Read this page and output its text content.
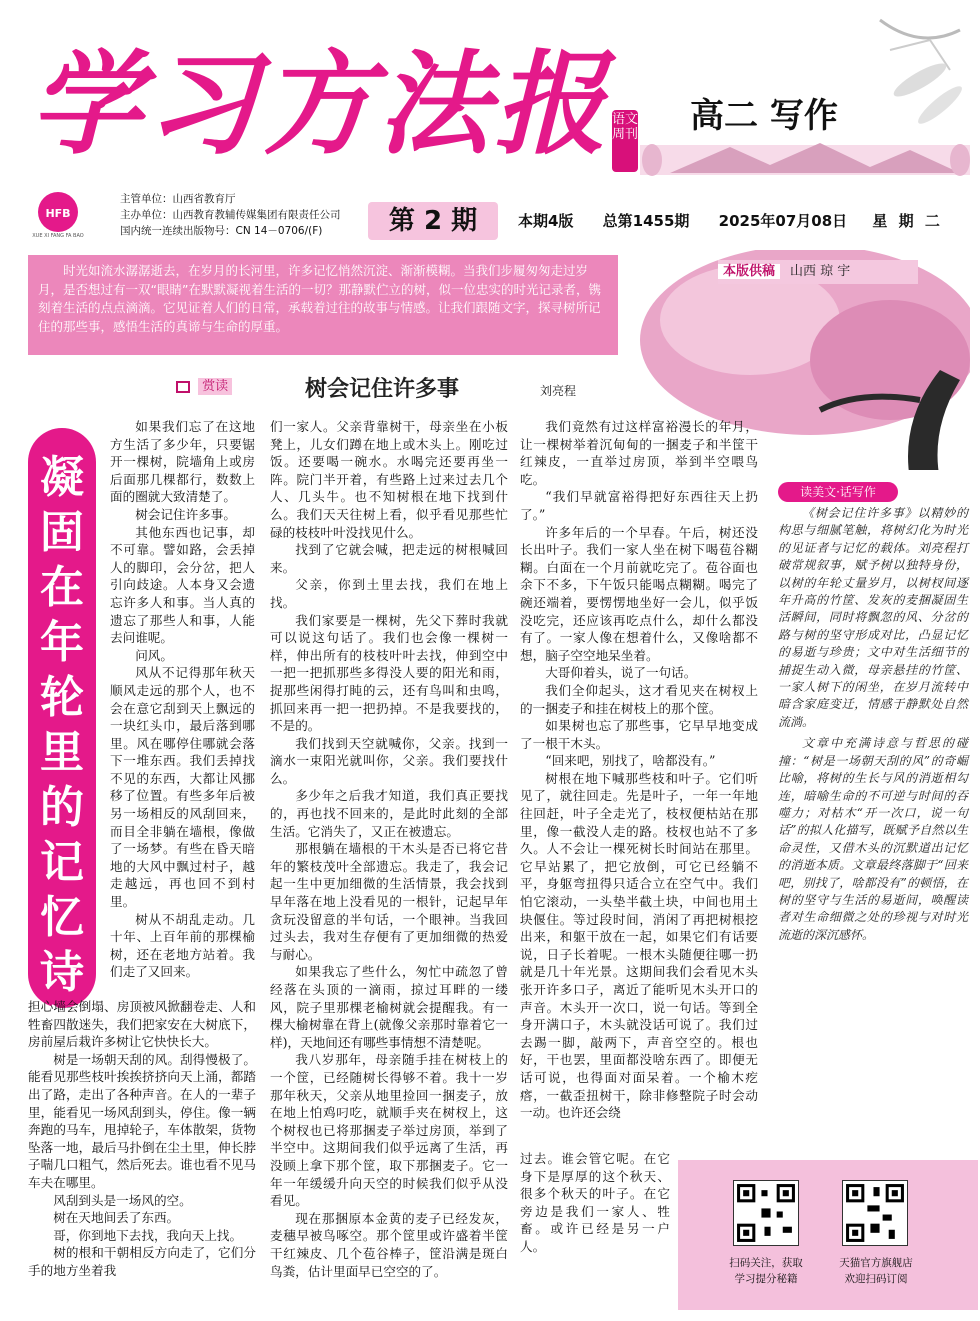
学习方法报 语文周刊 高二 写作
HFB
XUE XI FANG FA BAO
主管单位：山西省教育厅
主办单位：山西教育教辅传媒集团有限责任公司
国内统一连续出版物号：CN 14－0706/(F)	第 2 期	本期4版 总第1455期 2025年07月08日 星 期 二
时光如流水潺潺逝去，在岁月的长河里，许多记忆悄然沉淀、渐渐模糊。当我们步履匆匆走过岁月，是否想过有一双“眼睛”在默默凝视着生活的一切？那静默伫立的树，似一位忠实的时光记录者，镌刻着生活的点点滴滴。它见证着人们的日常，承载着过往的故事与情感。让我们跟随文字，探寻树所记住的那些事，感悟生活的真谛与生命的厚重。
本版供稿 山西 琼 宇
凝
固
在
年
轮
里
的
记
忆
诗
行
赏读	树会记住许多事	刘亮程

如果我们忘了在这地方生活了多少年，只要锯开一棵树，院墙角上或房后面那几棵都行，数数上面的圈就大致清楚了。

树会记住许多事。

其他东西也记事，却不可靠。譬如路，会丢掉人的脚印，会分岔，把人引向歧途。人本身又会遗忘许多人和事。当人真的遗忘了那些人和事，人能去问谁呢。

问风。

风从不记得那年秋天顺风走远的那个人，也不会在意它刮到天上飘远的一块红头巾，最后落到哪里。风在哪停住哪就会落下一堆东西。我们丢掉找不见的东西，大都让风挪移了位置。有些多年后被另一场相反的风刮回来，而目全非躺在墙根，像做了一场梦。有些在昏天暗地的大风中飘过村子，越走越远，再也回不到村里。

树从不胡乱走动。几十年、上百年前的那棵榆树，还在老地方站着。我们走了又回来。

担心墙会倒塌、房顶被风掀翻卷走、人和牲畜四散迷失，我们把家安在大树底下，房前屋后栽许多树让它快快长大。

树是一场朝天刮的风。刮得慢极了。能看见那些枝叶挨挨挤挤向天上涌，都踏出了路，走出了各种声音。在人的一辈子里，能看见一场风刮到头，停住。像一辆奔跑的马车，甩掉轮子，车体散架，货物坠落一地，最后马扑倒在尘土里，伸长脖子喘几口粗气，然后死去。谁也看不见马车夫在哪里。

风刮到头是一场风的空。

树在天地间丢了东西。

哥，你到地下去找，我向天上找。

树的根和干朝相反方向走了，它们分手的地方坐着我

们一家人。父亲背靠树干，母亲坐在小板凳上，儿女们蹲在地上或木头上。刚吃过饭。还要喝一碗水。水喝完还要再坐一阵。院门半开着，有些路上过来过去几个人、几头牛。也不知树根在地下找到什么。我们天天往树上看，似乎看见那些忙碌的枝枝叶叶没找见什么。

找到了它就会喊，把走远的树根喊回来。

父亲，你到土里去找，我们在地上找。

我们家要是一棵树，先父下葬时我就可以说这句话了。我们也会像一棵树一样，伸出所有的枝枝叶叶去找，伸到空中一把一把抓那些多得没人要的阳光和雨，捉那些闲得打盹的云，还有鸟叫和虫鸣，抓回来再一把一把扔掉。不是我要找的，不是的。

我们找到天空就喊你，父亲。找到一滴水一束阳光就叫你，父亲。我们要找什么。

多少年之后我才知道，我们真正要找的，再也找不回来的，是此时此刻的全部生活。它消失了，又正在被遗忘。

那根躺在墙根的干木头是否已将它昔年的繁枝茂叶全部遗忘。我走了，我会记起一生中更加细微的生活情景，我会找到早年落在地上没看见的一根针，记起早年贪玩没留意的半句话，一个眼神。当我回过头去，我对生存便有了更加细微的热爱与耐心。

如果我忘了些什么，匆忙中疏忽了曾经落在头顶的一滴雨，掠过耳畔的一缕风，院子里那棵老榆树就会提醒我。有一棵大榆树靠在背上(就像父亲那时靠着它一样)，天地间还有哪些事情想不清楚呢。

我八岁那年，母亲随手挂在树枝上的一个筐，已经随树长得够不着。我十一岁那年秋天，父亲从地里捡回一捆麦子，放在地上怕鸡叼吃，就顺手夹在树杈上，这个树杈也已将那捆麦子举过房顶，举到了半空中。这期间我们似乎远离了生活，再没顾上拿下那个筐，取下那捆麦子。它一年一年缓缓升向天空的时候我们似乎从没看见。

现在那捆原本金黄的麦子已经发灰，麦穗早被鸟啄空。那个筐里或许盛着半筐干红辣皮、几个苞谷棒子，筐沿满是斑白鸟粪，估计里面早已空空的了。

我们竟然有过这样富裕漫长的年月，让一棵树举着沉甸甸的一捆麦子和半筐干红辣皮，一直举过房顶，举到半空喂鸟吃。

“我们早就富裕得把好东西往天上扔了。”

许多年后的一个早春。午后，树还没长出叶子。我们一家人坐在树下喝苞谷糊糊。白面在一个月前就吃完了。苞谷面也余下不多，下午饭只能喝点糊糊。喝完了碗还端着，要愣愣地坐好一会儿，似乎饭没吃完，还应该再吃点什么，却什么都没有了。一家人像在想着什么，又像啥都不想，脑子空空地呆坐着。

大哥仰着头，说了一句话。

我们全仰起头，这才看见夹在树杈上的一捆麦子和挂在树枝上的那个筐。

如果树也忘了那些事，它早早地变成了一根干木头。

“回来吧，别找了，啥都没有。”

树根在地下喊那些枝和叶子。它们听见了，就往回走。先是叶子，一年一年地往回赶，叶子全走光了，枝杈便枯站在那里，像一截没人走的路。枝杈也站不了多久。人不会让一棵死树长时间站在那里。它早站累了，把它放倒，可它已经躺不平，身躯弯扭得只适合立在空气中。我们怕它滚动，一头垫半截土块，中间也用土块偃住。等过段时间，消闲了再把树根挖出来，和躯干放在一起，如果它们有话要说，日子长着呢。一根木头随便往哪一扔就是几十年光景。这期间我们会看见木头张开许多口子，离近了能听见木头开口的声音。木头开一次口，说一句话。等到全身开满口子，木头就没话可说了。我们过去踢一脚，敲两下，声音空空的。根也好，干也罢，里面都没啥东西了。即便无话可说，也得面对面呆着。一个榆木疙瘩，一截歪扭树干，除非修整院子时会动一动。也许还会绕

过去。谁会管它呢。在它身下是厚厚的这个秋天、很多个秋天的叶子。在它旁边是我们一家人、牲畜。或许已经是另一户人。

读美文·话写作

《树会记住许多事》以精妙的构思与细腻笔触，将树幻化为时光的见证者与记忆的载体。刘亮程打破常规叙事，赋予树以独特身份，以树的年轮丈量岁月，以树杈间逐年升高的竹筐、发灰的麦捆凝固生活瞬间，同时将飘忽的风、分岔的路与树的坚守形成对比，凸显记忆的易逝与珍贵；文中对生活细节的捕捉生动入微，母亲悬挂的竹筐、一家人树下的闲坐，在岁月流转中暗含家庭变迁，情感于静默处自然流淌。

文章中充满诗意与哲思的碰撞：“树是一场朝天刮的风”的奇崛比喻，将树的生长与风的消逝相勾连，暗喻生命的不可逆与时间的吞噬力；对枯木“开一次口，说一句话”的拟人化描写，既赋予自然以生命灵性，又借木头的沉默道出记忆的消逝本质。文章最终落脚于“回来吧，别找了，啥都没有”的顿悟，在树的坚守与生活的易逝间，唤醒读者对生命细微之处的珍视与对时光流逝的深沉感怀。

扫码关注，获取
学习提分秘籍
天猫官方旗舰店
欢迎扫码订阅
